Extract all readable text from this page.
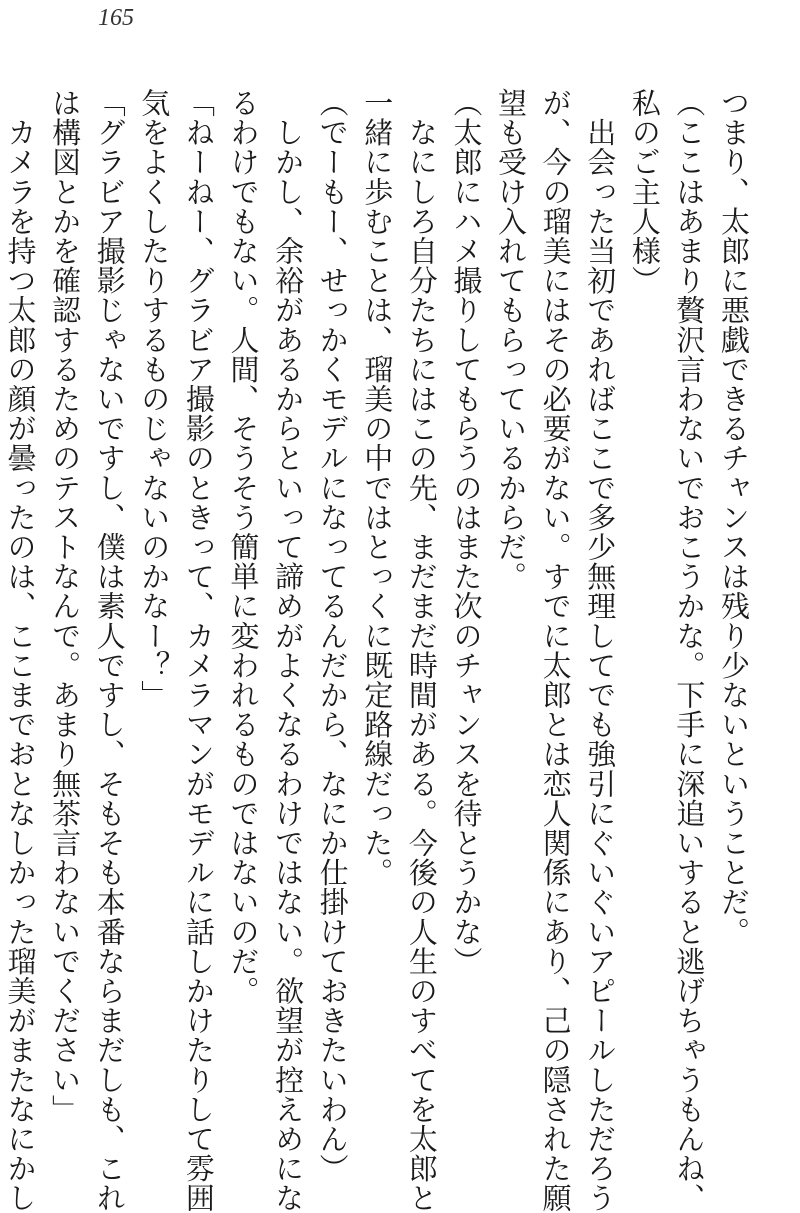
165
つまり、太郎に悪戯できるチャンスは残り少ないということだ。
（ここはあまり贅沢言わないでおこうかな。下手に深追いすると逃げちゃうもんね、
私のご主人様）
　出会った当初であればここで多少無理してでも強引にぐいぐいアピールしただろう
が、今の瑠美にはその必要がない。すでに太郎とは恋人関係にあり、己の隠された願
望も受け入れてもらっているからだ。
（太郎にハメ撮りしてもらうのはまた次のチャンスを待とうかな）
　なにしろ自分たちにはこの先、まだまだ時間がある。今後の人生のすべてを太郎と
一緒に歩むことは、瑠美の中ではとっくに既定路線だった。
（でーもー、せっかくモデルになってるんだから、なにか仕掛けておきたいわん）
　しかし、余裕があるからといって諦めがよくなるわけではない。欲望が控えめにな
るわけでもない。人間、そうそう簡単に変われるものではないのだ。
「ねーねー、グラビア撮影のときって、カメラマンがモデルに話しかけたりして雰囲
気をよくしたりするものじゃないのかなー？」
「グラビア撮影じゃないですし、僕は素人ですし、そもそも本番ならまだしも、これ
は構図とかを確認するためのテストなんで。あまり無茶言わないでください」
　カメラを持つ太郎の顔が曇ったのは、ここまでおとなしかった瑠美がまたなにかし
